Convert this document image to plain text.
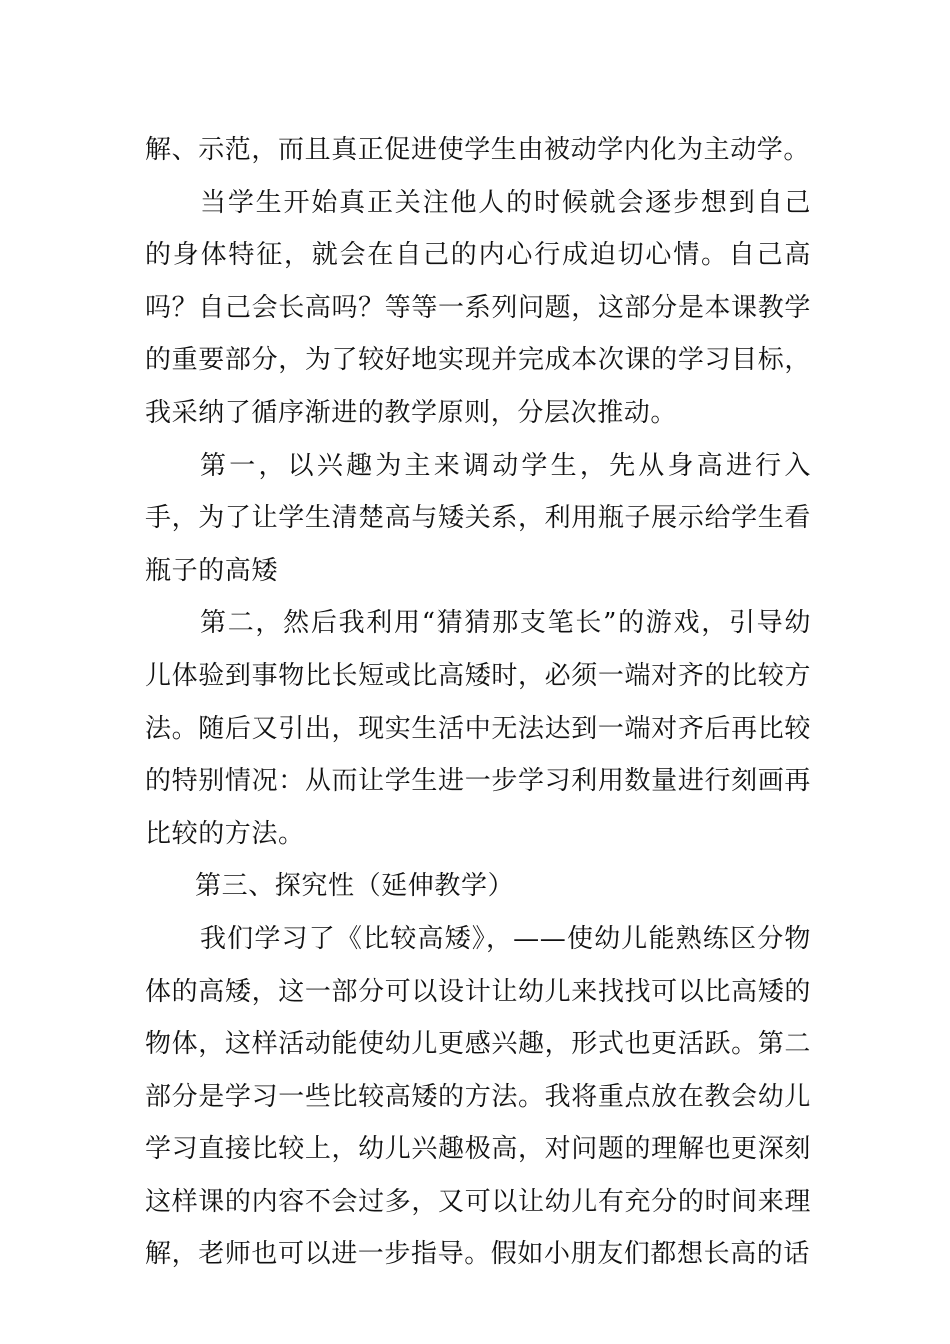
解、示范，而且真正促进使学生由被动学内化为主动学。

当学生开始真正关注他人的时候就会逐步想到自己的身体特征，就会在自己的内心行成迫切心情。自己高吗？自己会长高吗？等等一系列问题，这部分是本课教学的重要部分，为了较好地实现并完成本次课的学习目标，我采纳了循序渐进的教学原则，分层次推动。

第一，以兴趣为主来调动学生，先从身高进行入手，为了让学生清楚高与矮关系，利用瓶子展示给学生看瓶子的高矮

第二，然后我利用“猜猜那支笔长”的游戏，引导幼儿体验到事物比长短或比高矮时，必须一端对齐的比较方法。随后又引出，现实生活中无法达到一端对齐后再比较的特别情况：从而让学生进一步学习利用数量进行刻画再比较的方法。

第三、探究性（延伸教学）

我们学习了《比较高矮》，——使幼儿能熟练区分物体的高矮，这一部分可以设计让幼儿来找找可以比高矮的物体，这样活动能使幼儿更感兴趣，形式也更活跃。第二部分是学习一些比较高矮的方法。我将重点放在教会幼儿学习直接比较上，幼儿兴趣极高，对问题的理解也更深刻这样课的内容不会过多，又可以让幼儿有充分的时间来理解，老师也可以进一步指导。假如小朋友们都想长高的话
